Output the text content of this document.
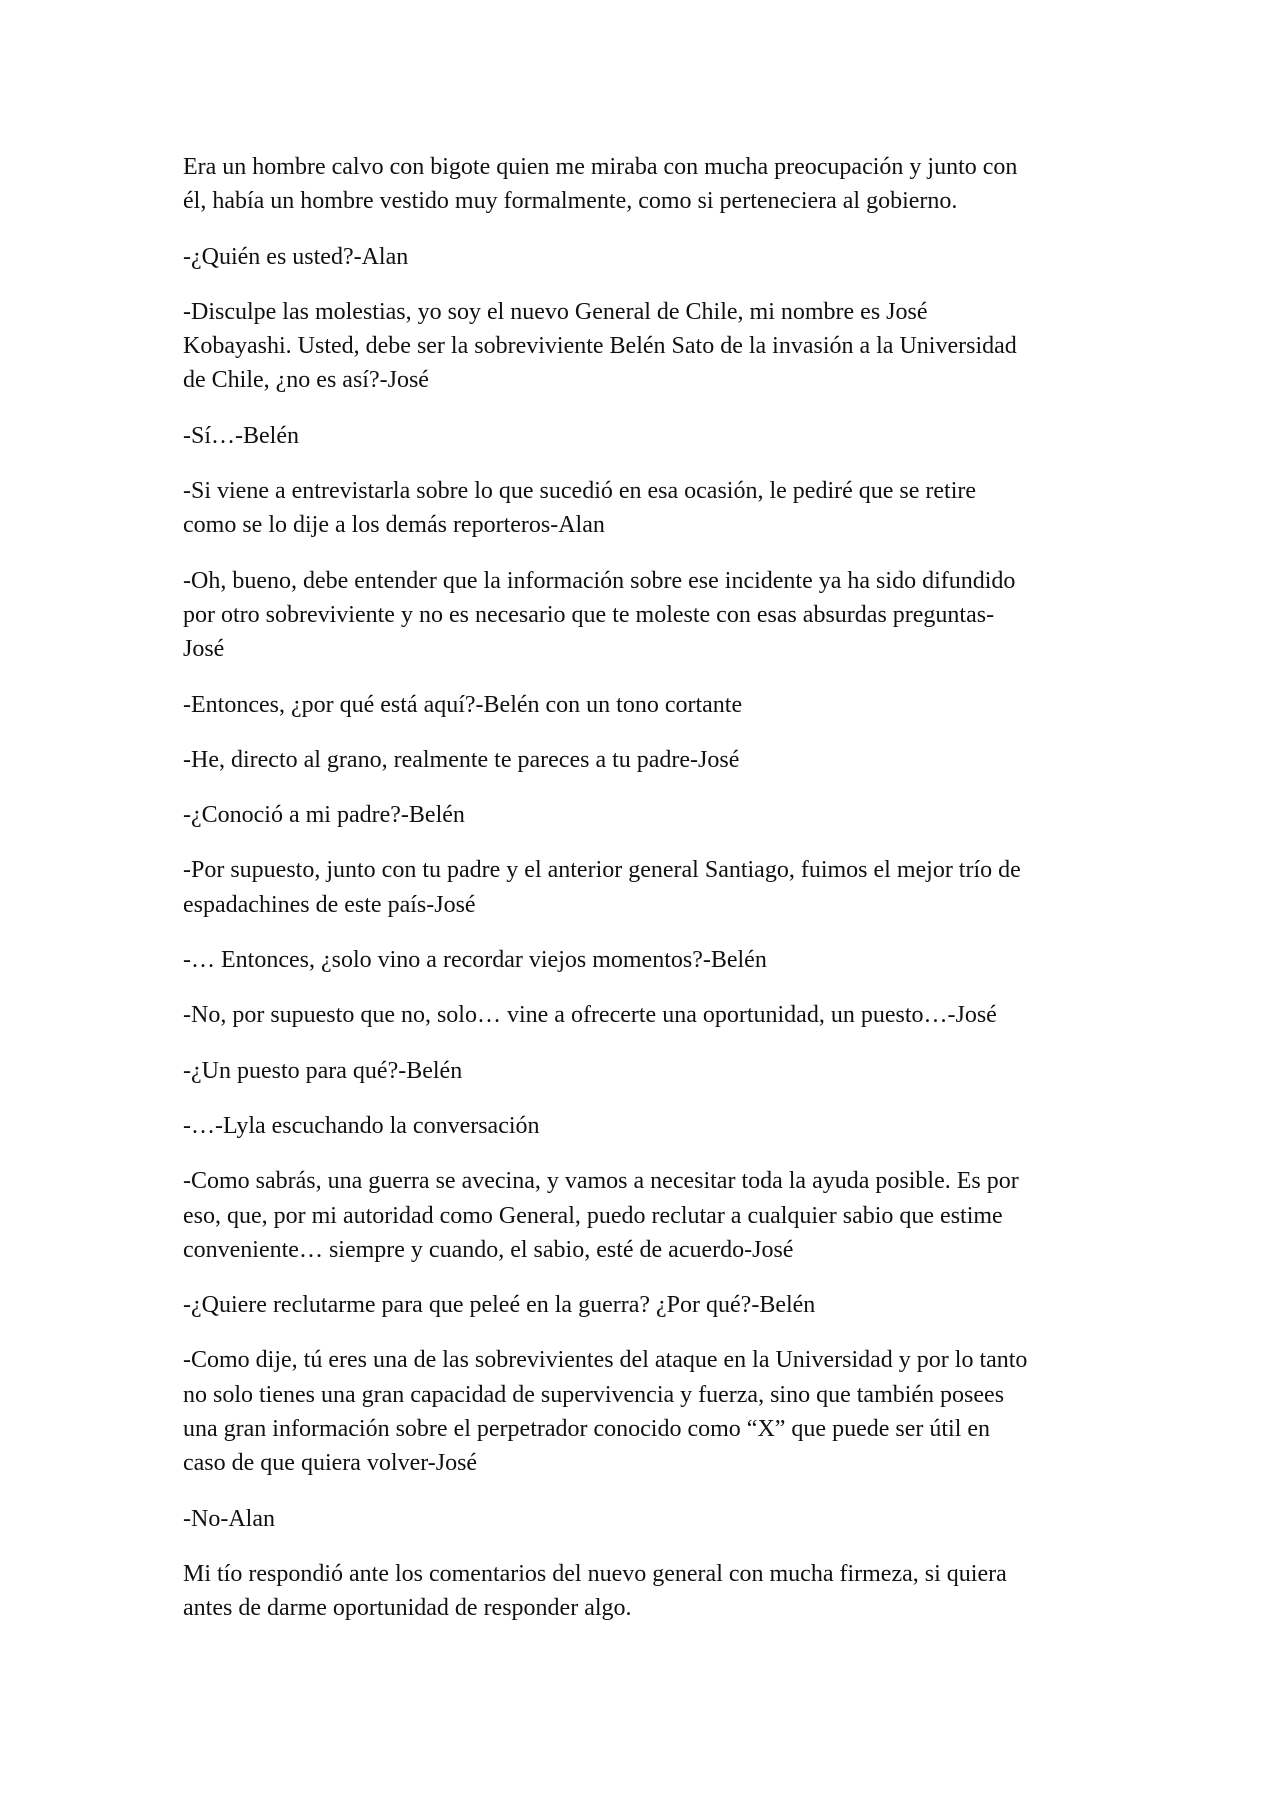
Era un hombre calvo con bigote quien me miraba con mucha preocupación y junto con
él, había un hombre vestido muy formalmente, como si perteneciera al gobierno.

-¿Quién es usted?-Alan

-Disculpe las molestias, yo soy el nuevo General de Chile, mi nombre es José
Kobayashi. Usted, debe ser la sobreviviente Belén Sato de la invasión a la Universidad
de Chile, ¿no es así?-José

-Sí…-Belén

-Si viene a entrevistarla sobre lo que sucedió en esa ocasión, le pediré que se retire
como se lo dije a los demás reporteros-Alan

-Oh, bueno, debe entender que la información sobre ese incidente ya ha sido difundido
por otro sobreviviente y no es necesario que te moleste con esas absurdas preguntas-
José

-Entonces, ¿por qué está aquí?-Belén con un tono cortante

-He, directo al grano, realmente te pareces a tu padre-José

-¿Conoció a mi padre?-Belén

-Por supuesto, junto con tu padre y el anterior general Santiago, fuimos el mejor trío de
espadachines de este país-José

-… Entonces, ¿solo vino a recordar viejos momentos?-Belén

-No, por supuesto que no, solo… vine a ofrecerte una oportunidad, un puesto…-José

-¿Un puesto para qué?-Belén

-…-Lyla escuchando la conversación

-Como sabrás, una guerra se avecina, y vamos a necesitar toda la ayuda posible. Es por
eso, que, por mi autoridad como General, puedo reclutar a cualquier sabio que estime
conveniente… siempre y cuando, el sabio, esté de acuerdo-José

-¿Quiere reclutarme para que peleé en la guerra? ¿Por qué?-Belén

-Como dije, tú eres una de las sobrevivientes del ataque en la Universidad y por lo tanto
no solo tienes una gran capacidad de supervivencia y fuerza, sino que también posees
una gran información sobre el perpetrador conocido como “X” que puede ser útil en
caso de que quiera volver-José

-No-Alan

Mi tío respondió ante los comentarios del nuevo general con mucha firmeza, si quiera
antes de darme oportunidad de responder algo.
